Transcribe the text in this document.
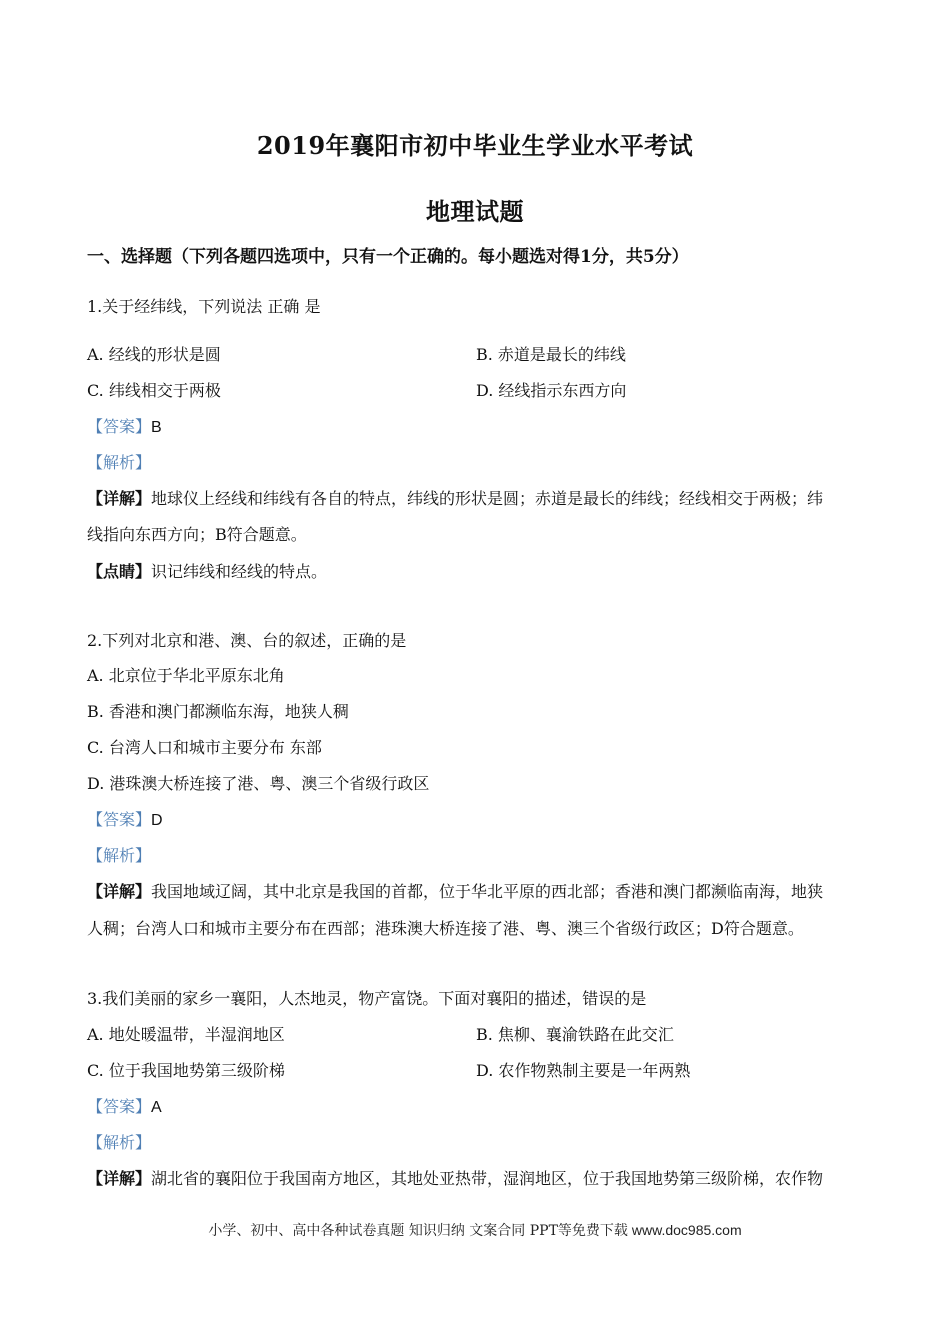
2019年襄阳市初中毕业生学业水平考试
地理试题
一、选择题（下列各题四选项中，只有一个正确的。每小题选对得1分，共5分）
1.关于经纬线，下列说法 正确 是
A. 经线的形状是圆	B. 赤道是最长的纬线
C. 纬线相交于两极	D. 经线指示东西方向
【答案】B
【解析】
【详解】地球仪上经线和纬线有各自的特点，纬线的形状是圆；赤道是最长的纬线；经线相交于两极；纬
线指向东西方向；B符合题意。
【点睛】识记纬线和经线的特点。
2.下列对北京和港、澳、台的叙述，正确的是
A. 北京位于华北平原东北角
B. 香港和澳门都濒临东海，地狭人稠
C. 台湾人口和城市主要分布 东部
D. 港珠澳大桥连接了港、粤、澳三个省级行政区
【答案】D
【解析】
【详解】我国地域辽阔，其中北京是我国的首都，位于华北平原的西北部；香港和澳门都濒临南海，地狭
人稠；台湾人口和城市主要分布在西部；港珠澳大桥连接了港、粤、澳三个省级行政区；D符合题意。
3.我们美丽的家乡一襄阳，人杰地灵，物产富饶。下面对襄阳的描述，错误的是
A. 地处暖温带，半湿润地区	B. 焦柳、襄渝铁路在此交汇
C. 位于我国地势第三级阶梯	D. 农作物熟制主要是一年两熟
【答案】A
【解析】
【详解】湖北省的襄阳位于我国南方地区，其地处亚热带，湿润地区，位于我国地势第三级阶梯，农作物
小学、初中、高中各种试卷真题 知识归纳 文案合同 PPT等免费下载 www.doc985.com
